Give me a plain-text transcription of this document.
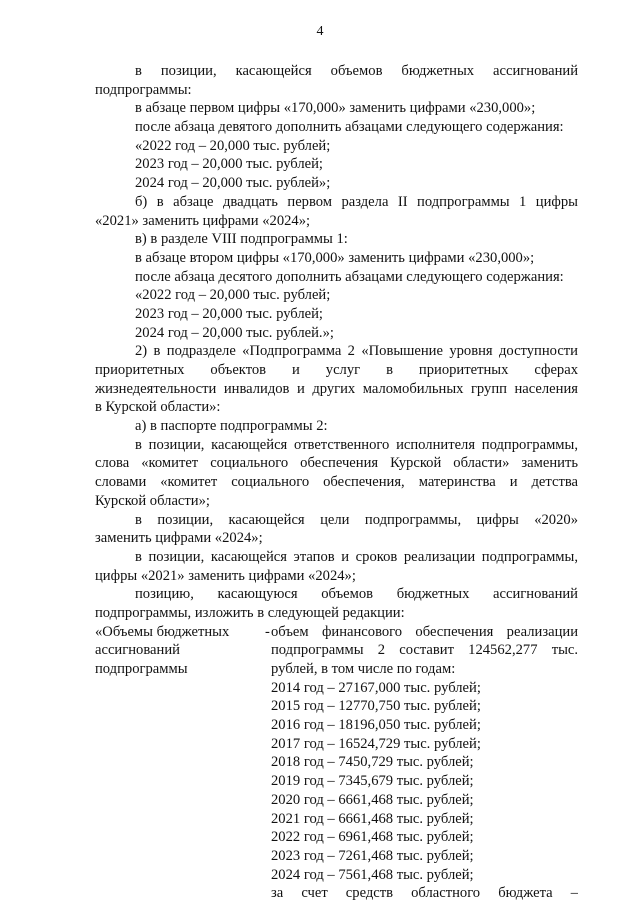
4
в позиции, касающейся объемов бюджетных ассигнований
подпрограммы:
в абзаце первом цифры «170,000» заменить цифрами «230,000»;
после абзаца девятого дополнить абзацами следующего содержания:
«2022 год – 20,000 тыс. рублей;
2023 год – 20,000 тыс. рублей;
2024 год – 20,000 тыс. рублей»;
б) в абзаце двадцать первом раздела II подпрограммы 1 цифры
«2021» заменить цифрами «2024»;
в) в разделе VIII подпрограммы 1:
в абзаце втором цифры «170,000» заменить цифрами «230,000»;
после абзаца десятого дополнить абзацами следующего содержания:
«2022 год – 20,000 тыс. рублей;
2023 год – 20,000 тыс. рублей;
2024 год – 20,000 тыс. рублей.»;
2) в подразделе «Подпрограмма 2 «Повышение уровня доступности
приоритетных объектов и услуг в приоритетных сферах
жизнедеятельности инвалидов и других маломобильных групп населения
в Курской области»:
а) в паспорте подпрограммы 2:
в позиции, касающейся ответственного исполнителя подпрограммы,
слова «комитет социального обеспечения Курской области» заменить
словами «комитет социального обеспечения, материнства и детства
Курской области»;
в позиции, касающейся цели подпрограммы, цифры «2020»
заменить цифрами «2024»;
в позиции, касающейся этапов и сроков реализации подпрограммы,
цифры «2021» заменить цифрами «2024»;
позицию, касающуюся объемов бюджетных ассигнований
подпрограммы, изложить в следующей редакции:
«Объемы бюджетных
ассигнований
подпрограммы
- объем финансового обеспечения реализации
подпрограммы 2 составит 124562,277 тыс.
рублей, в том числе по годам:
2014 год – 27167,000 тыс. рублей;
2015 год – 12770,750 тыс. рублей;
2016 год – 18196,050 тыс. рублей;
2017 год – 16524,729 тыс. рублей;
2018 год – 7450,729 тыс. рублей;
2019 год – 7345,679 тыс. рублей;
2020 год – 6661,468 тыс. рублей;
2021 год – 6661,468 тыс. рублей;
2022 год – 6961,468 тыс. рублей;
2023 год – 7261,468 тыс. рублей;
2024 год – 7561,468 тыс. рублей;
за счет средств областного бюджета –
